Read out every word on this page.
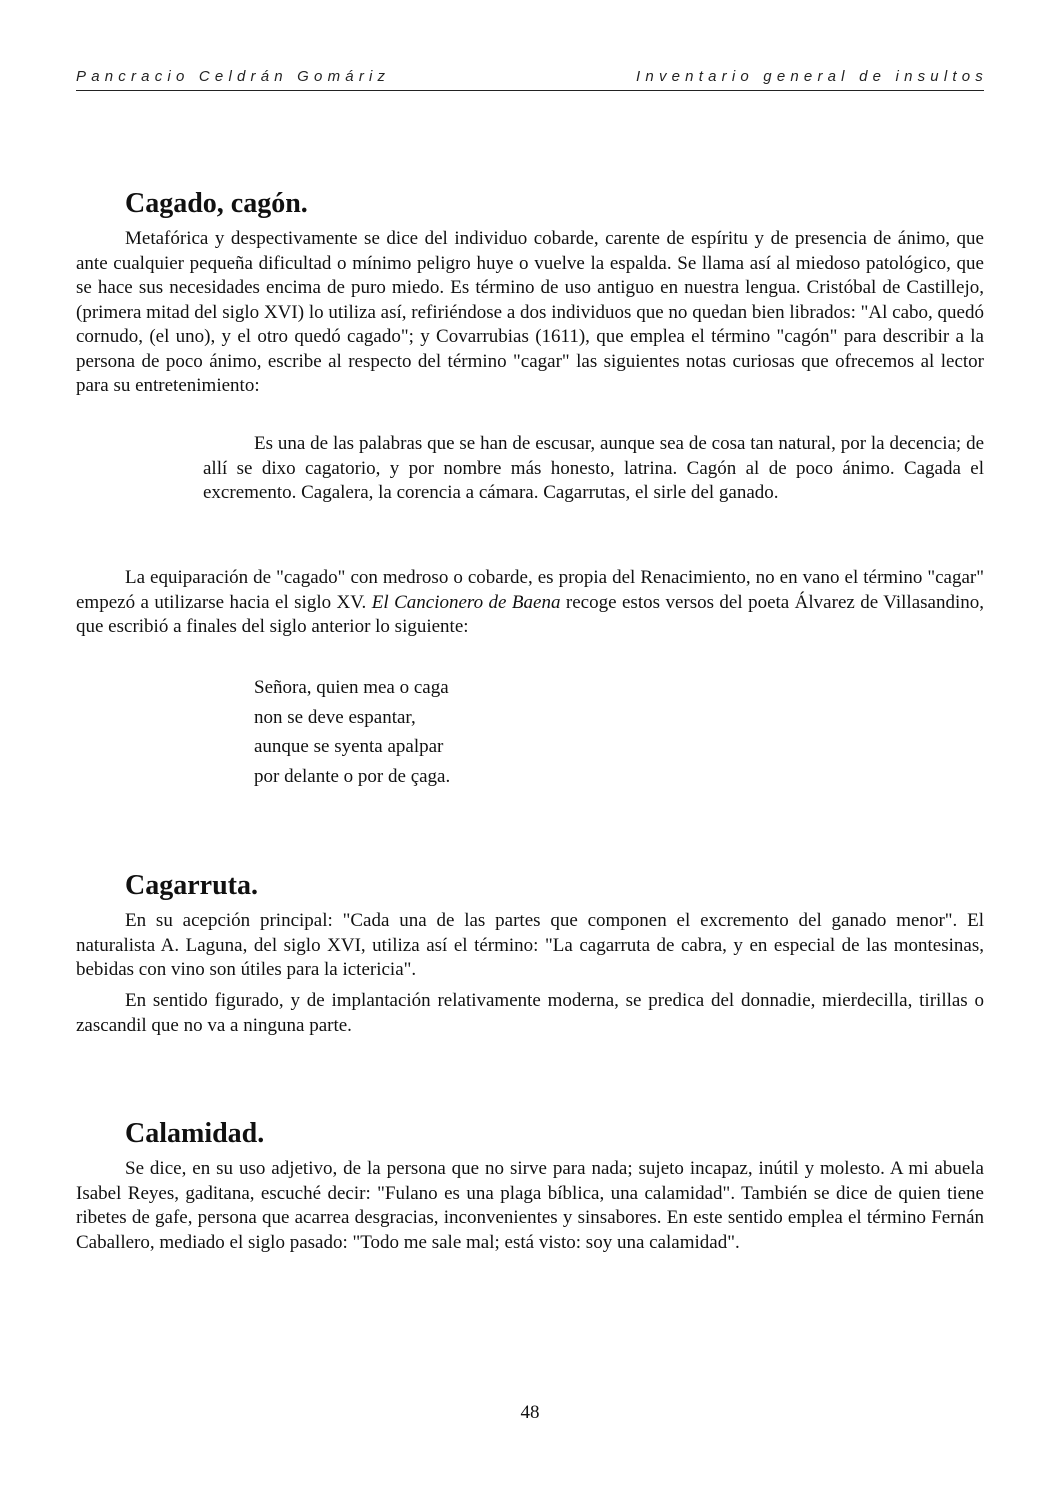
Pancracio Celdrán Gomáriz	Inventario general de insultos
Cagado, cagón.

Metafórica y despectivamente se dice del individuo cobarde, carente de espíritu y de presencia de ánimo, que ante cualquier pequeña dificultad o mínimo peligro huye o vuelve la espalda. Se llama así al miedoso patológico, que se hace sus necesidades encima de puro miedo. Es término de uso antiguo en nuestra lengua. Cristóbal de Castillejo, (primera mitad del siglo XVI) lo utiliza así, refiriéndose a dos individuos que no quedan bien librados: "Al cabo, quedó cornudo, (el uno), y el otro quedó cagado"; y Covarrubias (1611), que emplea el término "cagón" para describir a la persona de poco ánimo, escribe al respecto del término "cagar" las siguientes notas curiosas que ofrecemos al lector para su entretenimiento:

Es una de las palabras que se han de escusar, aunque sea de cosa tan natural, por la decencia; de allí se dixo cagatorio, y por nombre más honesto, latrina. Cagón al de poco ánimo. Cagada el excremento. Cagalera, la corencia a cámara. Cagarrutas, el sirle del ganado.

La equiparación de "cagado" con medroso o cobarde, es propia del Renacimiento, no en vano el término "cagar" empezó a utilizarse hacia el siglo XV. El Cancionero de Baena recoge estos versos del poeta Álvarez de Villasandino, que escribió a finales del siglo anterior lo siguiente:

Señora, quien mea o caga
non se deve espantar,
aunque se syenta apalpar
por delante o por de çaga.
Cagarruta.

En su acepción principal: "Cada una de las partes que componen el excremento del ganado menor". El naturalista A. Laguna, del siglo XVI, utiliza así el término: "La cagarruta de cabra, y en especial de las montesinas, bebidas con vino son útiles para la ictericia".

En sentido figurado, y de implantación relativamente moderna, se predica del donnadie, mierdecilla, tirillas o zascandil que no va a ninguna parte.

Calamidad.

Se dice, en su uso adjetivo, de la persona que no sirve para nada; sujeto incapaz, inútil y molesto. A mi abuela Isabel Reyes, gaditana, escuché decir: "Fulano es una plaga bíblica, una calamidad". También se dice de quien tiene ribetes de gafe, persona que acarrea desgracias, inconvenientes y sinsabores. En este sentido emplea el término Fernán Caballero, mediado el siglo pasado: "Todo me sale mal; está visto: soy una calamidad".

48
